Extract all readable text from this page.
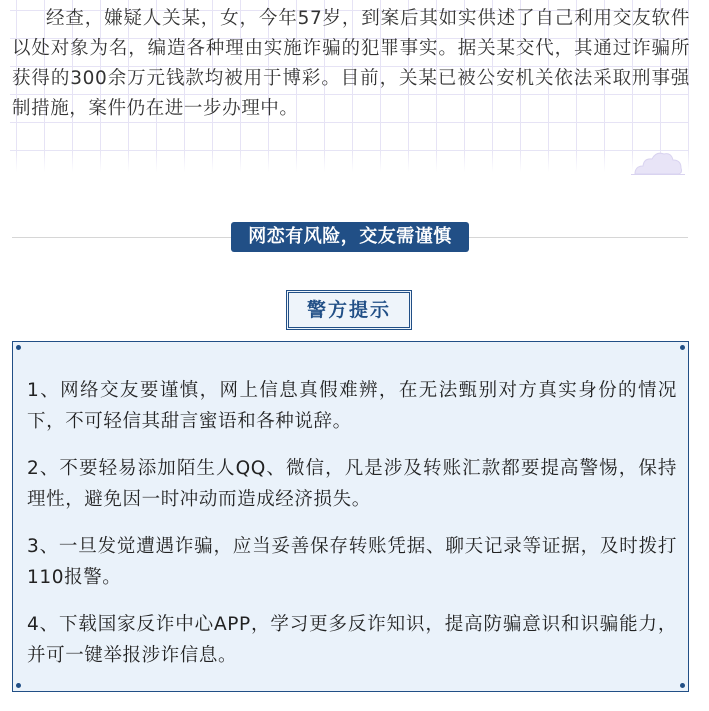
经查，嫌疑人关某，女，今年57岁，到案后其如实供述了自己利用交友软件以处对象为名，编造各种理由实施诈骗的犯罪事实。据关某交代，其通过诈骗所获得的300余万元钱款均被用于博彩。目前，关某已被公安机关依法采取刑事强制措施，案件仍在进一步办理中。

网恋有风险，交友需谨慎
警方提示
1、网络交友要谨慎，网上信息真假难辨，在无法甄别对方真实身份的情况下，不可轻信其甜言蜜语和各种说辞。
2、不要轻易添加陌生人QQ、微信，凡是涉及转账汇款都要提高警惕，保持理性，避免因一时冲动而造成经济损失。
3、一旦发觉遭遇诈骗，应当妥善保存转账凭据、聊天记录等证据，及时拨打110报警。
4、下载国家反诈中心APP，学习更多反诈知识，提高防骗意识和识骗能力，并可一键举报涉诈信息。
